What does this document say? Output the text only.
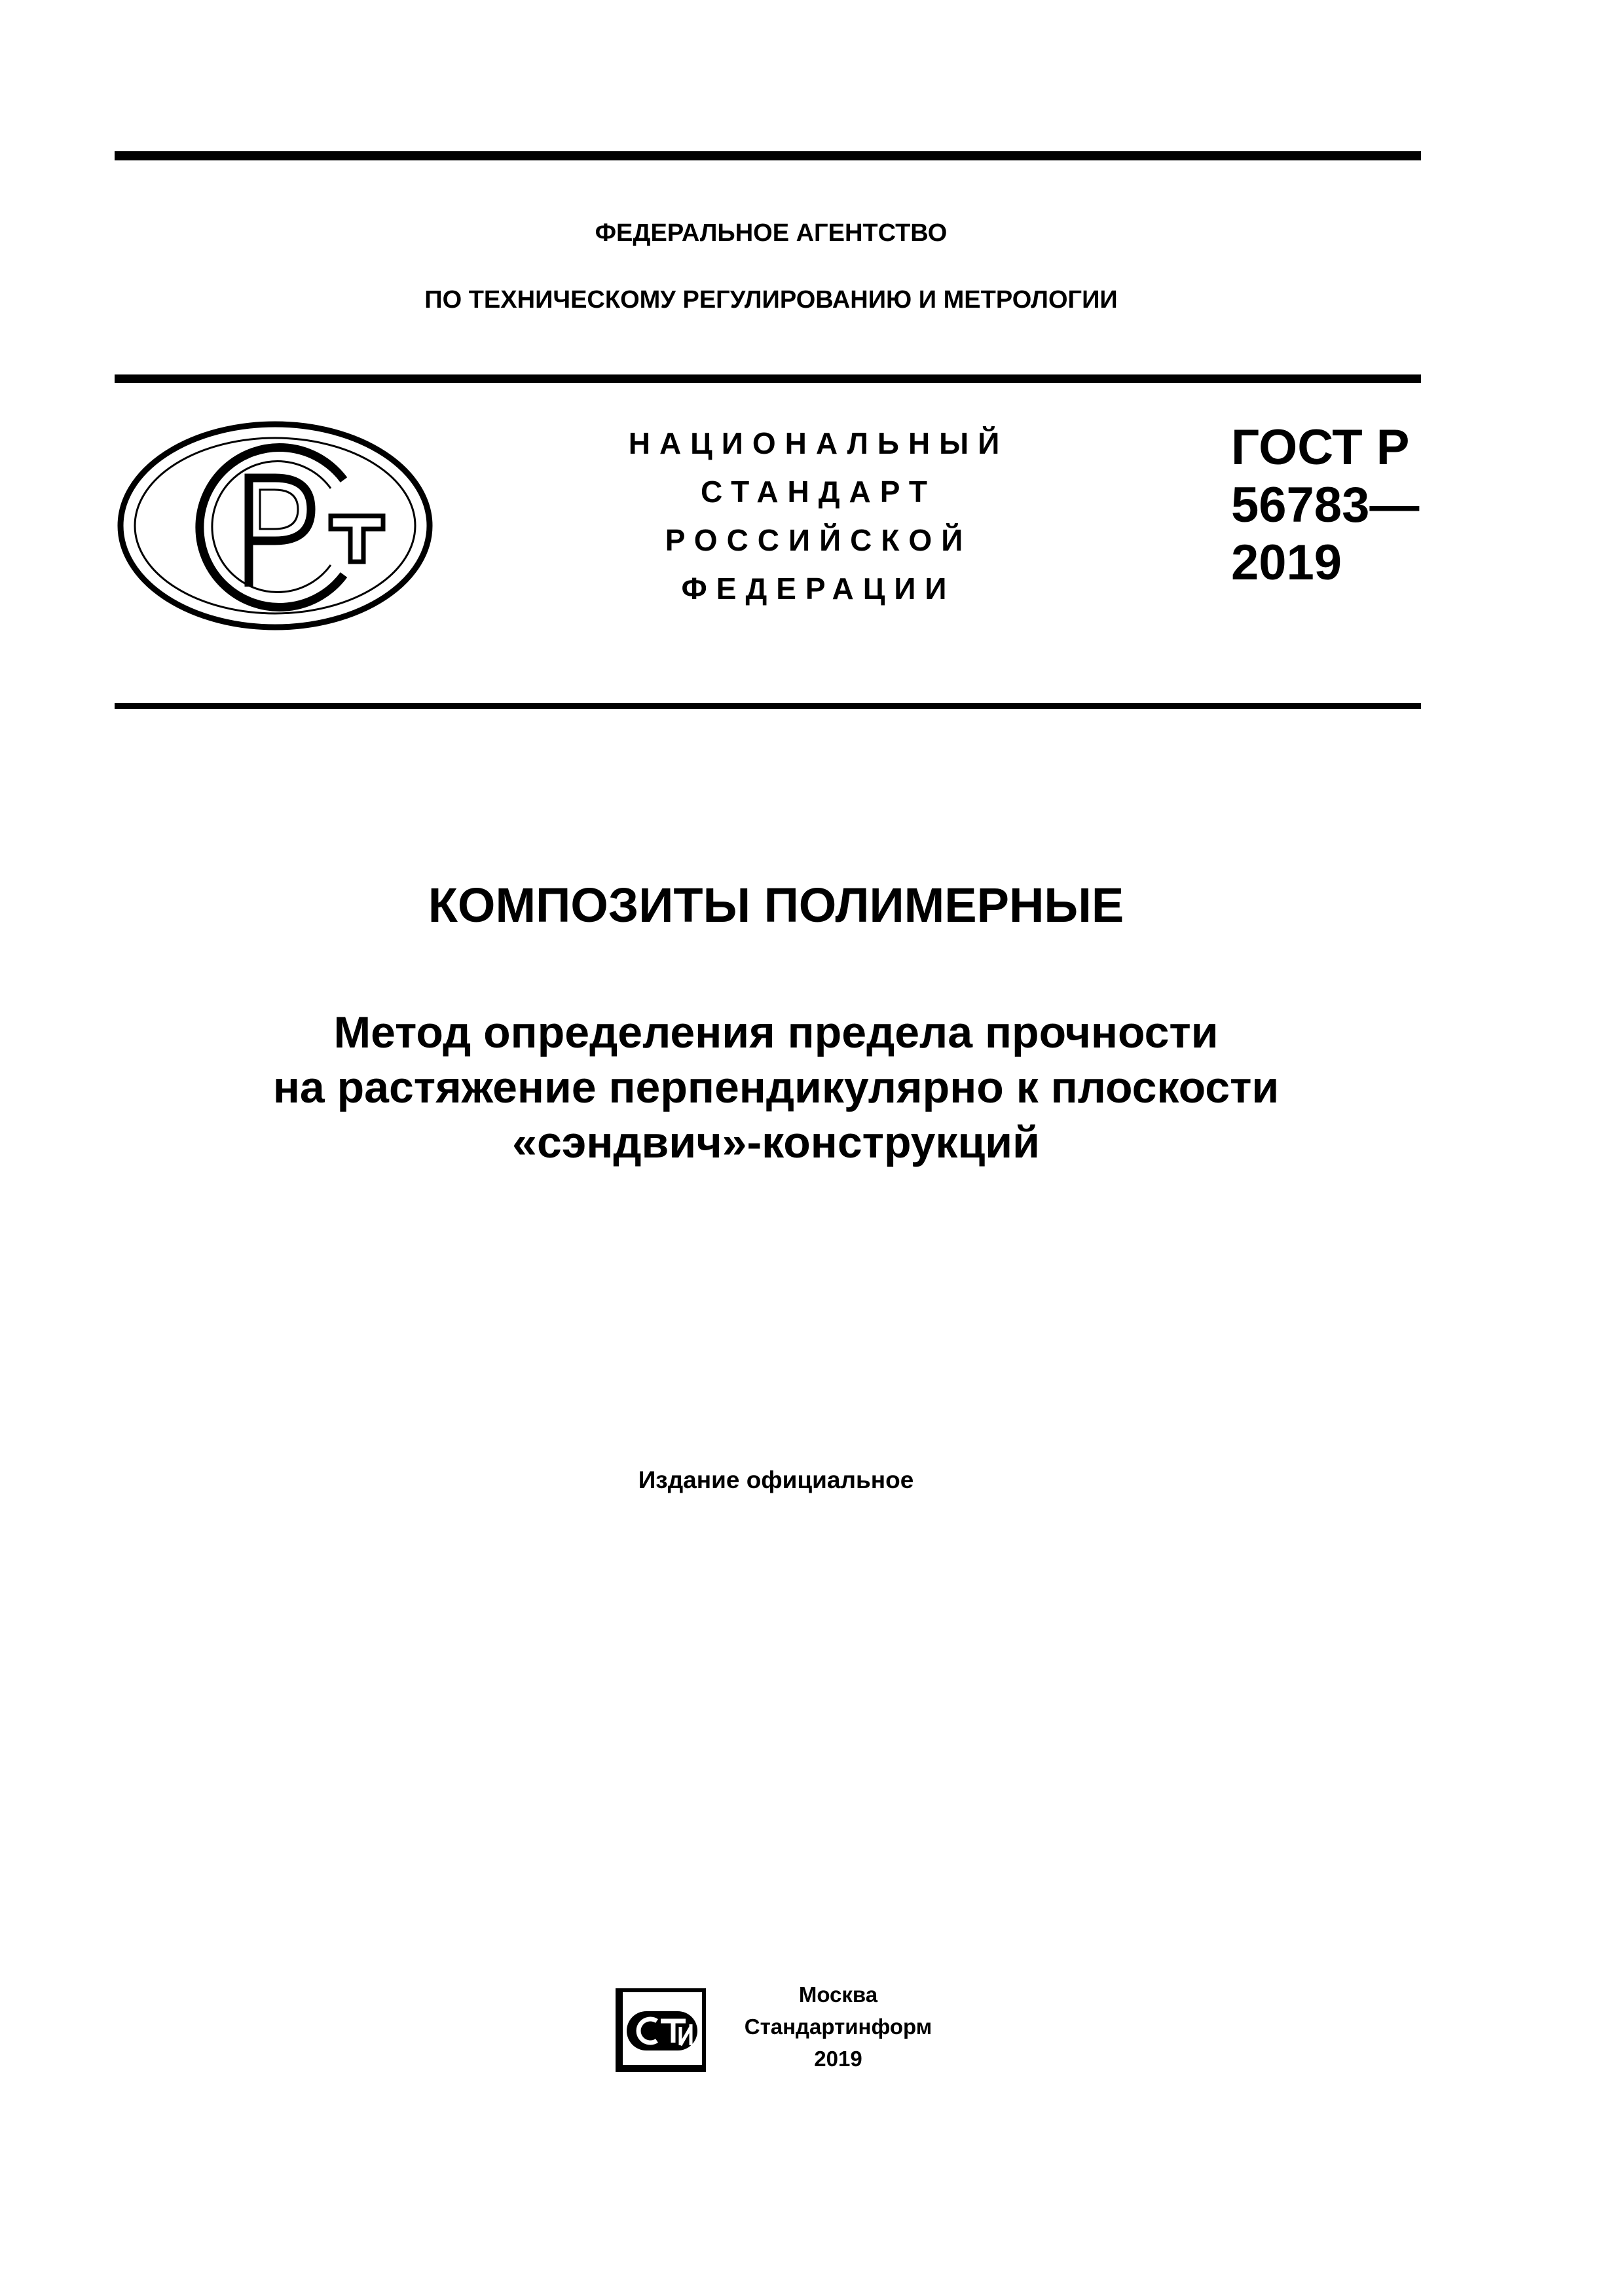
ФЕДЕРАЛЬНОЕ АГЕНТСТВО
ПО ТЕХНИЧЕСКОМУ РЕГУЛИРОВАНИЮ И МЕТРОЛОГИИ
НАЦИОНАЛЬНЫЙ
СТАНДАРТ
РОССИЙСКОЙ
ФЕДЕРАЦИИ
ГОСТ Р
56783—
2019
КОМПОЗИТЫ ПОЛИМЕРНЫЕ
Метод определения предела прочности
на растяжение перпендикулярно к плоскости
«сэндвич»-конструкций
Издание официальное
Москва
Стандартинформ
2019
